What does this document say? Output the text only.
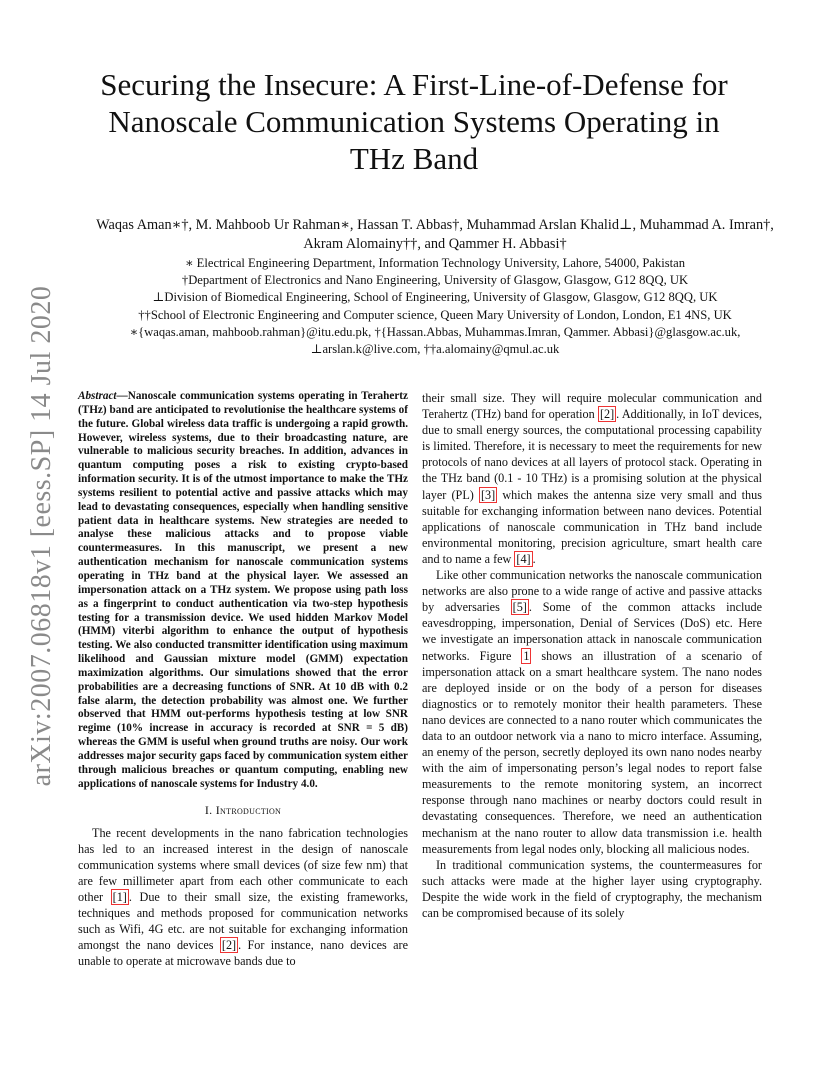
arXiv:2007.06818v1 [eess.SP] 14 Jul 2020
Securing the Insecure: A First-Line-of-Defense for
Nanoscale Communication Systems Operating in
THz Band
Waqas Aman∗†, M. Mahboob Ur Rahman∗, Hassan T. Abbas†, Muhammad Arslan Khalid⊥, Muhammad A. Imran†,
Akram Alomainy††, and Qammer H. Abbasi†
∗ Electrical Engineering Department, Information Technology University, Lahore, 54000, Pakistan
†Department of Electronics and Nano Engineering, University of Glasgow, Glasgow, G12 8QQ, UK
⊥Division of Biomedical Engineering, School of Engineering, University of Glasgow, Glasgow, G12 8QQ, UK
††School of Electronic Engineering and Computer science, Queen Mary University of London, London, E1 4NS, UK
∗{waqas.aman, mahboob.rahman}@itu.edu.pk, †{Hassan.Abbas, Muhammas.Imran, Qammer. Abbasi}@glasgow.ac.uk,
⊥arslan.k@live.com, ††a.alomainy@qmul.ac.uk
Abstract—Nanoscale communication systems operating in Terahertz (THz) band are anticipated to revolutionise the healthcare systems of the future. Global wireless data traffic is undergoing a rapid growth. However, wireless systems, due to their broadcasting nature, are vulnerable to malicious security breaches. In addition, advances in quantum computing poses a risk to existing crypto-based information security. It is of the utmost importance to make the THz systems resilient to potential active and passive attacks which may lead to devastating consequences, especially when handling sensitive patient data in healthcare systems. New strategies are needed to analyse these malicious attacks and to propose viable countermeasures. In this manuscript, we present a new authentication mechanism for nanoscale communication systems operating in THz band at the physical layer. We assessed an impersonation attack on a THz system. We propose using path loss as a fingerprint to conduct authentication via two-step hypothesis testing for a transmission device. We used hidden Markov Model (HMM) viterbi algorithm to enhance the output of hypothesis testing. We also conducted transmitter identification using maximum likelihood and Gaussian mixture model (GMM) expectation maximization algorithms. Our simulations showed that the error probabilities are a decreasing functions of SNR. At 10 dB with 0.2 false alarm, the detection probability was almost one. We further observed that HMM out-performs hypothesis testing at low SNR regime (10% increase in accuracy is recorded at SNR = 5 dB) whereas the GMM is useful when ground truths are noisy. Our work addresses major security gaps faced by communication system either through malicious breaches or quantum computing, enabling new applications of nanoscale systems for Industry 4.0.
I. Introduction

The recent developments in the nano fabrication technologies has led to an increased interest in the design of nanoscale communication systems where small devices (of size few nm) that are few millimeter apart from each other communicate to each other [1] . Due to their small size, the existing frameworks, techniques and methods proposed for communication networks such as Wifi, 4G etc. are not suitable for exchanging information amongst the nano devices [2] . For instance, nano devices are unable to operate at microwave bands due to

their small size. They will require molecular communication and Terahertz (THz) band for operation [2] . Additionally, in IoT devices, due to small energy sources, the computational processing capability is limited. Therefore, it is necessary to meet the requirements for new protocols of nano devices at all layers of protocol stack. Operating in the THz band (0.1 - 10 THz) is a promising solution at the physical layer (PL) [3] which makes the antenna size very small and thus suitable for exchanging information between nano devices. Potential applications of nanoscale communication in THz band include environmental monitoring, precision agriculture, smart health care and to name a few [4] .

Like other communication networks the nanoscale communication networks are also prone to a wide range of active and passive attacks by adversaries [5] . Some of the common attacks include eavesdropping, impersonation, Denial of Services (DoS) etc. Here we investigate an impersonation attack in nanoscale communication networks. Figure 1 shows an illustration of a scenario of impersonation attack on a smart healthcare system. The nano nodes are deployed inside or on the body of a person for diseases diagnostics or to remotely monitor their health parameters. These nano devices are connected to a nano router which communicates the data to an outdoor network via a nano to micro interface. Assuming, an enemy of the person, secretly deployed its own nano nodes nearby with the aim of impersonating person’s legal nodes to report false measurements to the remote monitoring system, an incorrect response through nano machines or nearby doctors could result in devastating consequences. Therefore, we need an authentication mechanism at the nano router to allow data transmission i.e. health measurements from legal nodes only, blocking all malicious nodes.

In traditional communication systems, the countermeasures for such attacks were made at the higher layer using cryptography. Despite the wide work in the field of cryptography, the mechanism can be compromised because of its solely
